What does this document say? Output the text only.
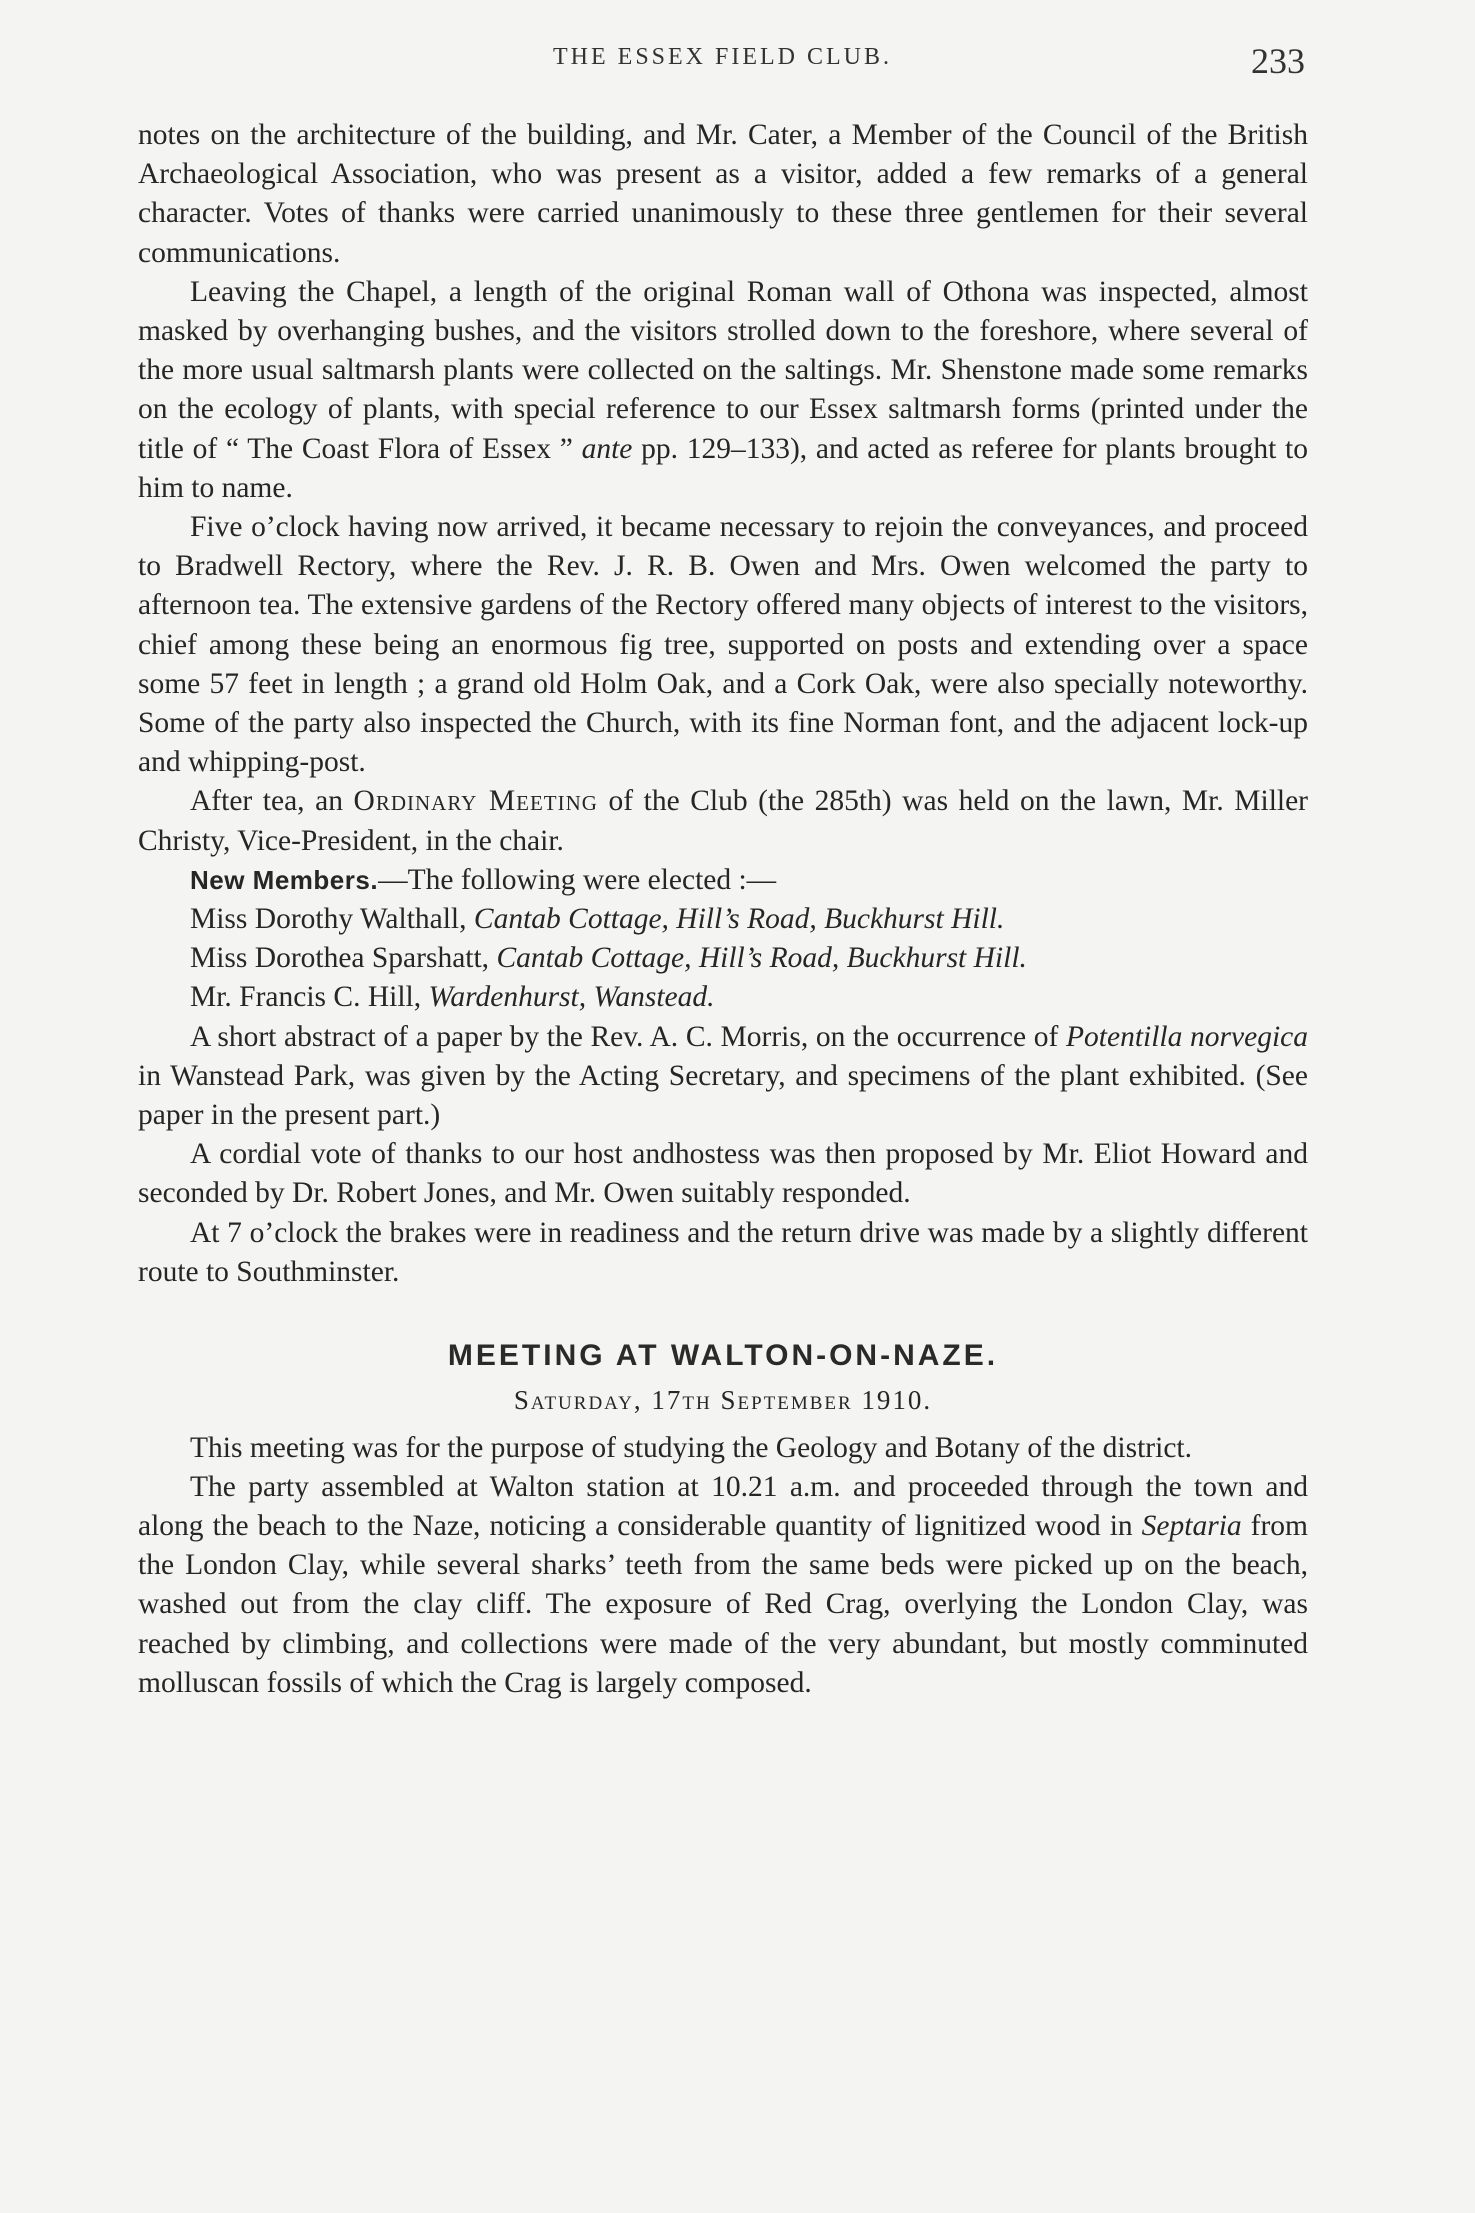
THE ESSEX FIELD CLUB.	233

notes on the architecture of the building, and Mr. Cater, a Member of the Council of the British Archaeological Association, who was present as a visitor, added a few remarks of a general character. Votes of thanks were carried unanimously to these three gentlemen for their several communications.

Leaving the Chapel, a length of the original Roman wall of Othona was inspected, almost masked by overhanging bushes, and the visitors strolled down to the foreshore, where several of the more usual saltmarsh plants were collected on the saltings. Mr. Shenstone made some remarks on the ecology of plants, with special reference to our Essex saltmarsh forms (printed under the title of “ The Coast Flora of Essex ” ante pp. 129–133), and acted as referee for plants brought to him to name.

Five o’clock having now arrived, it became necessary to rejoin the conveyances, and proceed to Bradwell Rectory, where the Rev. J. R. B. Owen and Mrs. Owen welcomed the party to afternoon tea. The extensive gardens of the Rectory offered many objects of interest to the visitors, chief among these being an enormous fig tree, supported on posts and extending over a space some 57 feet in length ; a grand old Holm Oak, and a Cork Oak, were also specially noteworthy. Some of the party also inspected the Church, with its fine Norman font, and the adjacent lock-up and whipping-post.

After tea, an Ordinary Meeting of the Club (the 285th) was held on the lawn, Mr. Miller Christy, Vice-President, in the chair.

New Members.—The following were elected :—

Miss Dorothy Walthall, Cantab Cottage, Hill’s Road, Buckhurst Hill.
Miss Dorothea Sparshatt, Cantab Cottage, Hill’s Road, Buckhurst Hill.
Mr. Francis C. Hill, Wardenhurst, Wanstead.

A short abstract of a paper by the Rev. A. C. Morris, on the occurrence of Potentilla norvegica in Wanstead Park, was given by the Acting Secretary, and specimens of the plant exhibited. (See paper in the present part.)

A cordial vote of thanks to our host andhostess was then proposed by Mr. Eliot Howard and seconded by Dr. Robert Jones, and Mr. Owen suitably responded.

At 7 o’clock the brakes were in readiness and the return drive was made by a slightly different route to Southminster.

MEETING AT WALTON-ON-NAZE.
Saturday, 17th September 1910.

This meeting was for the purpose of studying the Geology and Botany of the district.

The party assembled at Walton station at 10.21 a.m. and proceeded through the town and along the beach to the Naze, noticing a considerable quantity of lignitized wood in Septaria from the London Clay, while several sharks’ teeth from the same beds were picked up on the beach, washed out from the clay cliff. The exposure of Red Crag, overlying the London Clay, was reached by climbing, and collections were made of the very abundant, but mostly comminuted molluscan fossils of which the Crag is largely composed.
